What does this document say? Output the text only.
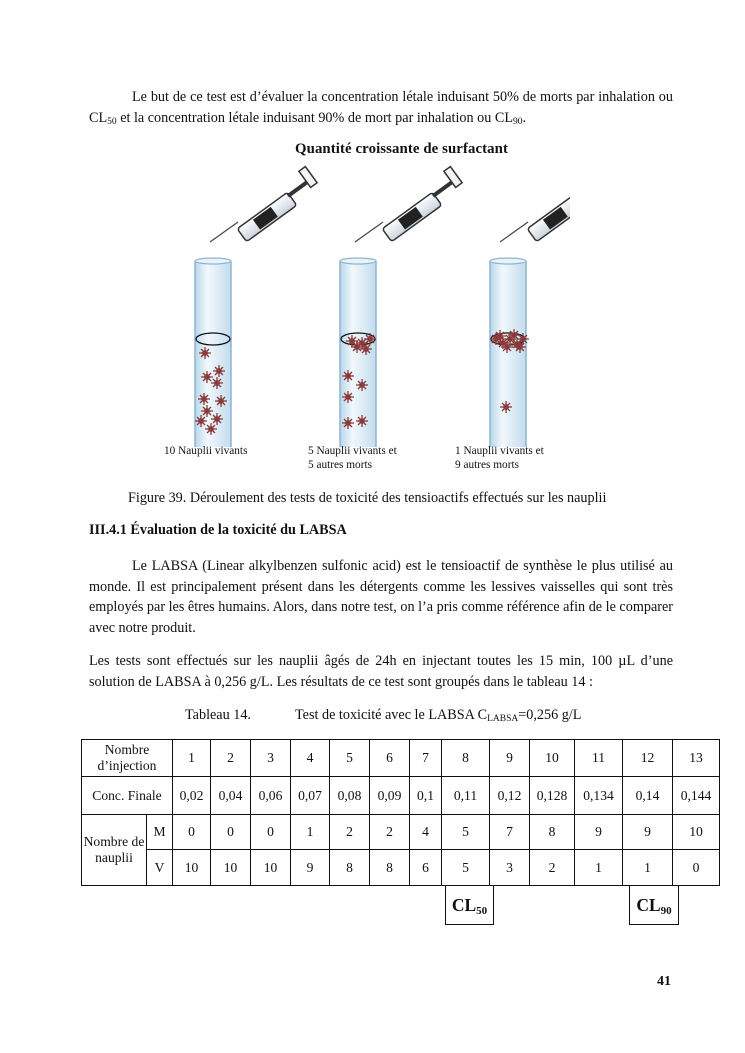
Le but de ce test est d’évaluer la concentration létale induisant 50% de morts par inhalation ou $CL_{50}$ et la concentration létale induisant 90% de mort par inhalation ou $CL_{90}$.

Quantité croissante de surfactant
10 Nauplii vivants	5 Nauplii vivants et
5 autres morts
1 Nauplii vivants et
9 autres morts
Figure 39. Déroulement des tests de toxicité des tensioactifs effectués sur les nauplii
III.4.1 Évaluation de la toxicité du LABSA

Le LABSA (Linear alkylbenzen sulfonic acid) est le tensioactif de synthèse le plus utilisé au monde. Il est principalement présent dans les détergents comme les lessives vaisselles qui sont très employés par les êtres humains. Alors, dans notre test, on l’a pris comme référence afin de le comparer avec notre produit.

Les tests sont effectués sur les nauplii âgés de 24h en injectant toutes les 15 min, 100 µL d’une solution de LABSA à 0,256 g/L. Les résultats de ce test sont groupés dans le tableau 14 :

Tableau 14.	Test de toxicité avec le LABSA $C_{LABSA}=0,256$ g/L
Nombre d’injection		1	2	3	4	5	6	7	8	9	10	11	12	13
Conc. Finale		0,02	0,04	0,06	0,07	0,08	0,09	0,1	0,11	0,12	0,128	0,134	0,14	0,144
Nombre de nauplii	M	0	0	0	1	2	2	4	5	7	8	9	9	10
	V	10	10	10	9	8	8	6	5	3	2	1	1	0
$CL_{50}$	$CL_{90}$
41
